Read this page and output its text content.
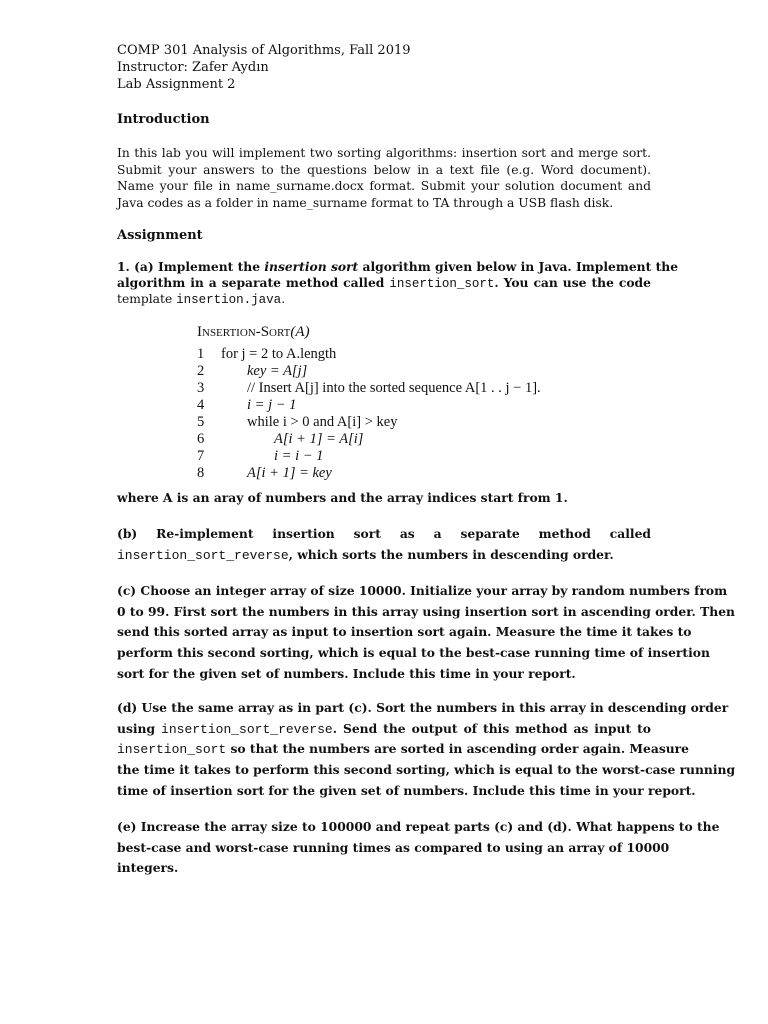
COMP 301 Analysis of Algorithms, Fall 2019
Instructor: Zafer Aydın
Lab Assignment 2
Introduction
In this lab you will implement two sorting algorithms: insertion sort and merge sort.
Submit your answers to the questions below in a text file (e.g. Word document).
Name your file in name_surname.docx format. Submit your solution document and
Java codes as a folder in name_surname format to TA through a USB flash disk.
Assignment
1. (a) Implement the insertion sort algorithm given below in Java. Implement the
algorithm in a separate method called insertion_sort. You can use the code
template insertion.java.
Insertion-Sort(A)
1	for j = 2 to A.length
2	key = A[j]
3	// Insert A[j] into the sorted sequence A[1 . . j − 1].
4	i = j − 1
5	while i > 0 and A[i] > key
6	A[i + 1] = A[i]
7	i = i − 1
8	A[i + 1] = key
where A is an aray of numbers and the array indices start from 1.
(b) Re-implement insertion sort as a separate method called
insertion_sort_reverse, which sorts the numbers in descending order.
(c) Choose an integer array of size 10000. Initialize your array by random numbers from
0 to 99. First sort the numbers in this array using insertion sort in ascending order. Then
send this sorted array as input to insertion sort again. Measure the time it takes to
perform this second sorting, which is equal to the best-case running time of insertion
sort for the given set of numbers. Include this time in your report.
(d) Use the same array as in part (c). Sort the numbers in this array in descending order
using insertion_sort_reverse. Send the output of this method as input to
insertion_sort so that the numbers are sorted in ascending order again. Measure
the time it takes to perform this second sorting, which is equal to the worst-case running
time of insertion sort for the given set of numbers. Include this time in your report.
(e) Increase the array size to 100000 and repeat parts (c) and (d). What happens to the
best-case and worst-case running times as compared to using an array of 10000
integers.
